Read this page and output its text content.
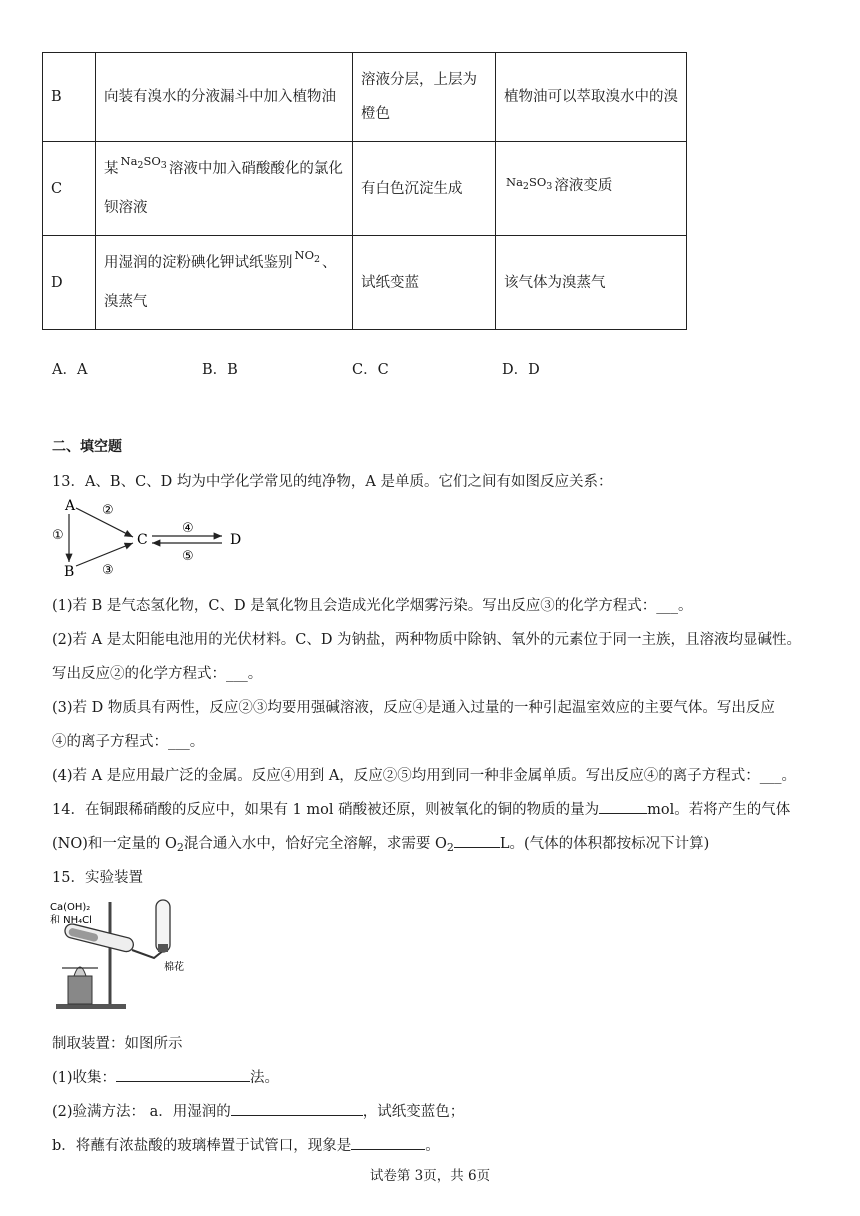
B	向装有溴水的分液漏斗中加入植物油	溶液分层，上层为橙色	植物油可以萃取溴水中的溴
C	某 $^{Na_2SO_3}$ 溶液中加入硝酸酸化的氯化钡溶液	有白色沉淀生成	$^{Na_2SO_3}$ 溶液变质
D	用湿润的淀粉碘化钾试纸鉴别 $^{NO_2}$ 、溴蒸气	试纸变蓝	该气体为溴蒸气
A．A	B．B	C．C	D．D
二、填空题
13．A、B、C、D 均为中学化学常见的纯净物，A 是单质。它们之间有如图反应关系：
A
B
C	D
①
②
③
④
⑤
(1)若 B 是气态氢化物，C、D 是氧化物且会造成光化学烟雾污染。写出反应③的化学方程式：___。
(2)若 A 是太阳能电池用的光伏材料。C、D 为钠盐，两种物质中除钠、氧外的元素位于同一主族，且溶液均显碱性。
写出反应②的化学方程式：___。
(3)若 D 物质具有两性，反应②③均要用强碱溶液，反应④是通入过量的一种引起温室效应的主要气体。写出反应
④的离子方程式：___。
(4)若 A 是应用最广泛的金属。反应④用到 A，反应②⑤均用到同一种非金属单质。写出反应④的离子方程式：___。
14．在铜跟稀硝酸的反应中，如果有 1 mol 硝酸被还原，则被氧化的铜的物质的量为	mol。若将产生的气体
(NO)和一定量的 $O_2$混合通入水中，恰好完全溶解，求需要 $O_2$	L。(气体的体积都按标况下计算)
15．实验装置
Ca(OH)₂
和 NH₄Cl
棉花
制取装置：如图所示
(1)收集：	法。
(2)验满方法： a．用湿润的	，试纸变蓝色；
b．将蘸有浓盐酸的玻璃棒置于试管口，现象是	。
试卷第 3页，共 6页
